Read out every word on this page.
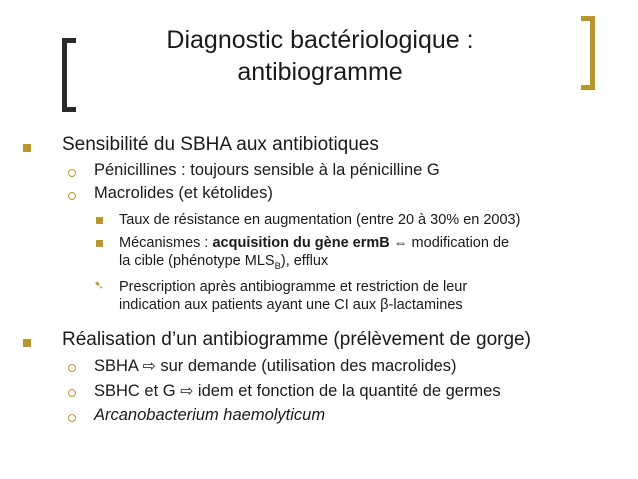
Diagnostic bactériologique :
antibiogramme
Sensibilité du SBHA aux antibiotiques
Pénicillines : toujours sensible à la pénicilline G
Macrolides (et kétolides)
Taux de résistance en augmentation (entre 20 à 30% en 2003)
Mécanismes : acquisition du gène ermB ⇔ modification de
la cible (phénotype $MLS_B$), efflux
➷ Prescription après antibiogramme et restriction de leur
indication aux patients ayant une CI aux β-lactamines
Réalisation d’un antibiogramme (prélèvement de gorge)
SBHA ⇨ sur demande (utilisation des macrolides)
SBHC et G ⇨ idem et fonction de la quantité de germes
Arcanobacterium haemolyticum
